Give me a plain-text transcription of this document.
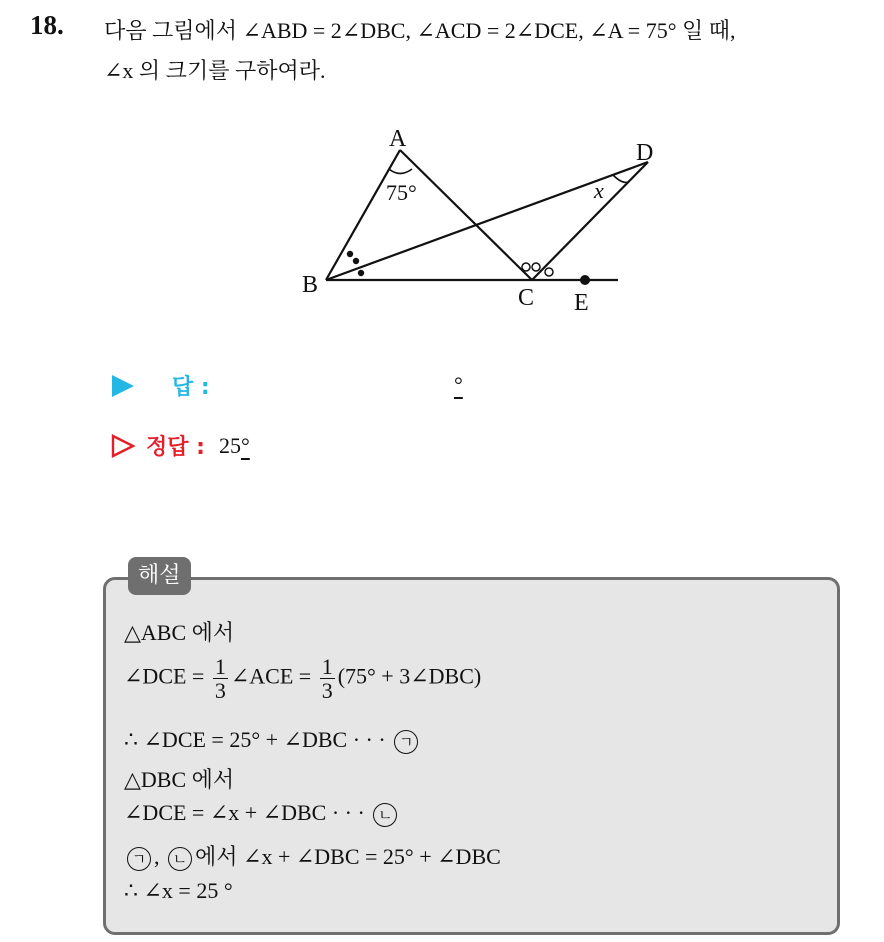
18. 다음 그림에서 ∠ABD = 2∠DBC, ∠ACD = 2∠DCE, ∠A = 75° 일 때,
∠x 의 크기를 구하여라.
A
B	C
D
E
75°	x
답 :	°
정답 : 25°
해설
△ABC 에서
∠DCE = $\frac{1}{3}$ ∠ACE = $\frac{1}{3} (75^\circ$ + 3∠DBC)
∴ ∠DCE = 25° + ∠DBC · · · ㄱ
△DBC 에서
∠DCE = ∠x + ∠DBC · · · ㄴ
ㄱ , ㄴ 에서 ∠x + ∠DBC = 25° + ∠DBC
∴ ∠x = 25 °
